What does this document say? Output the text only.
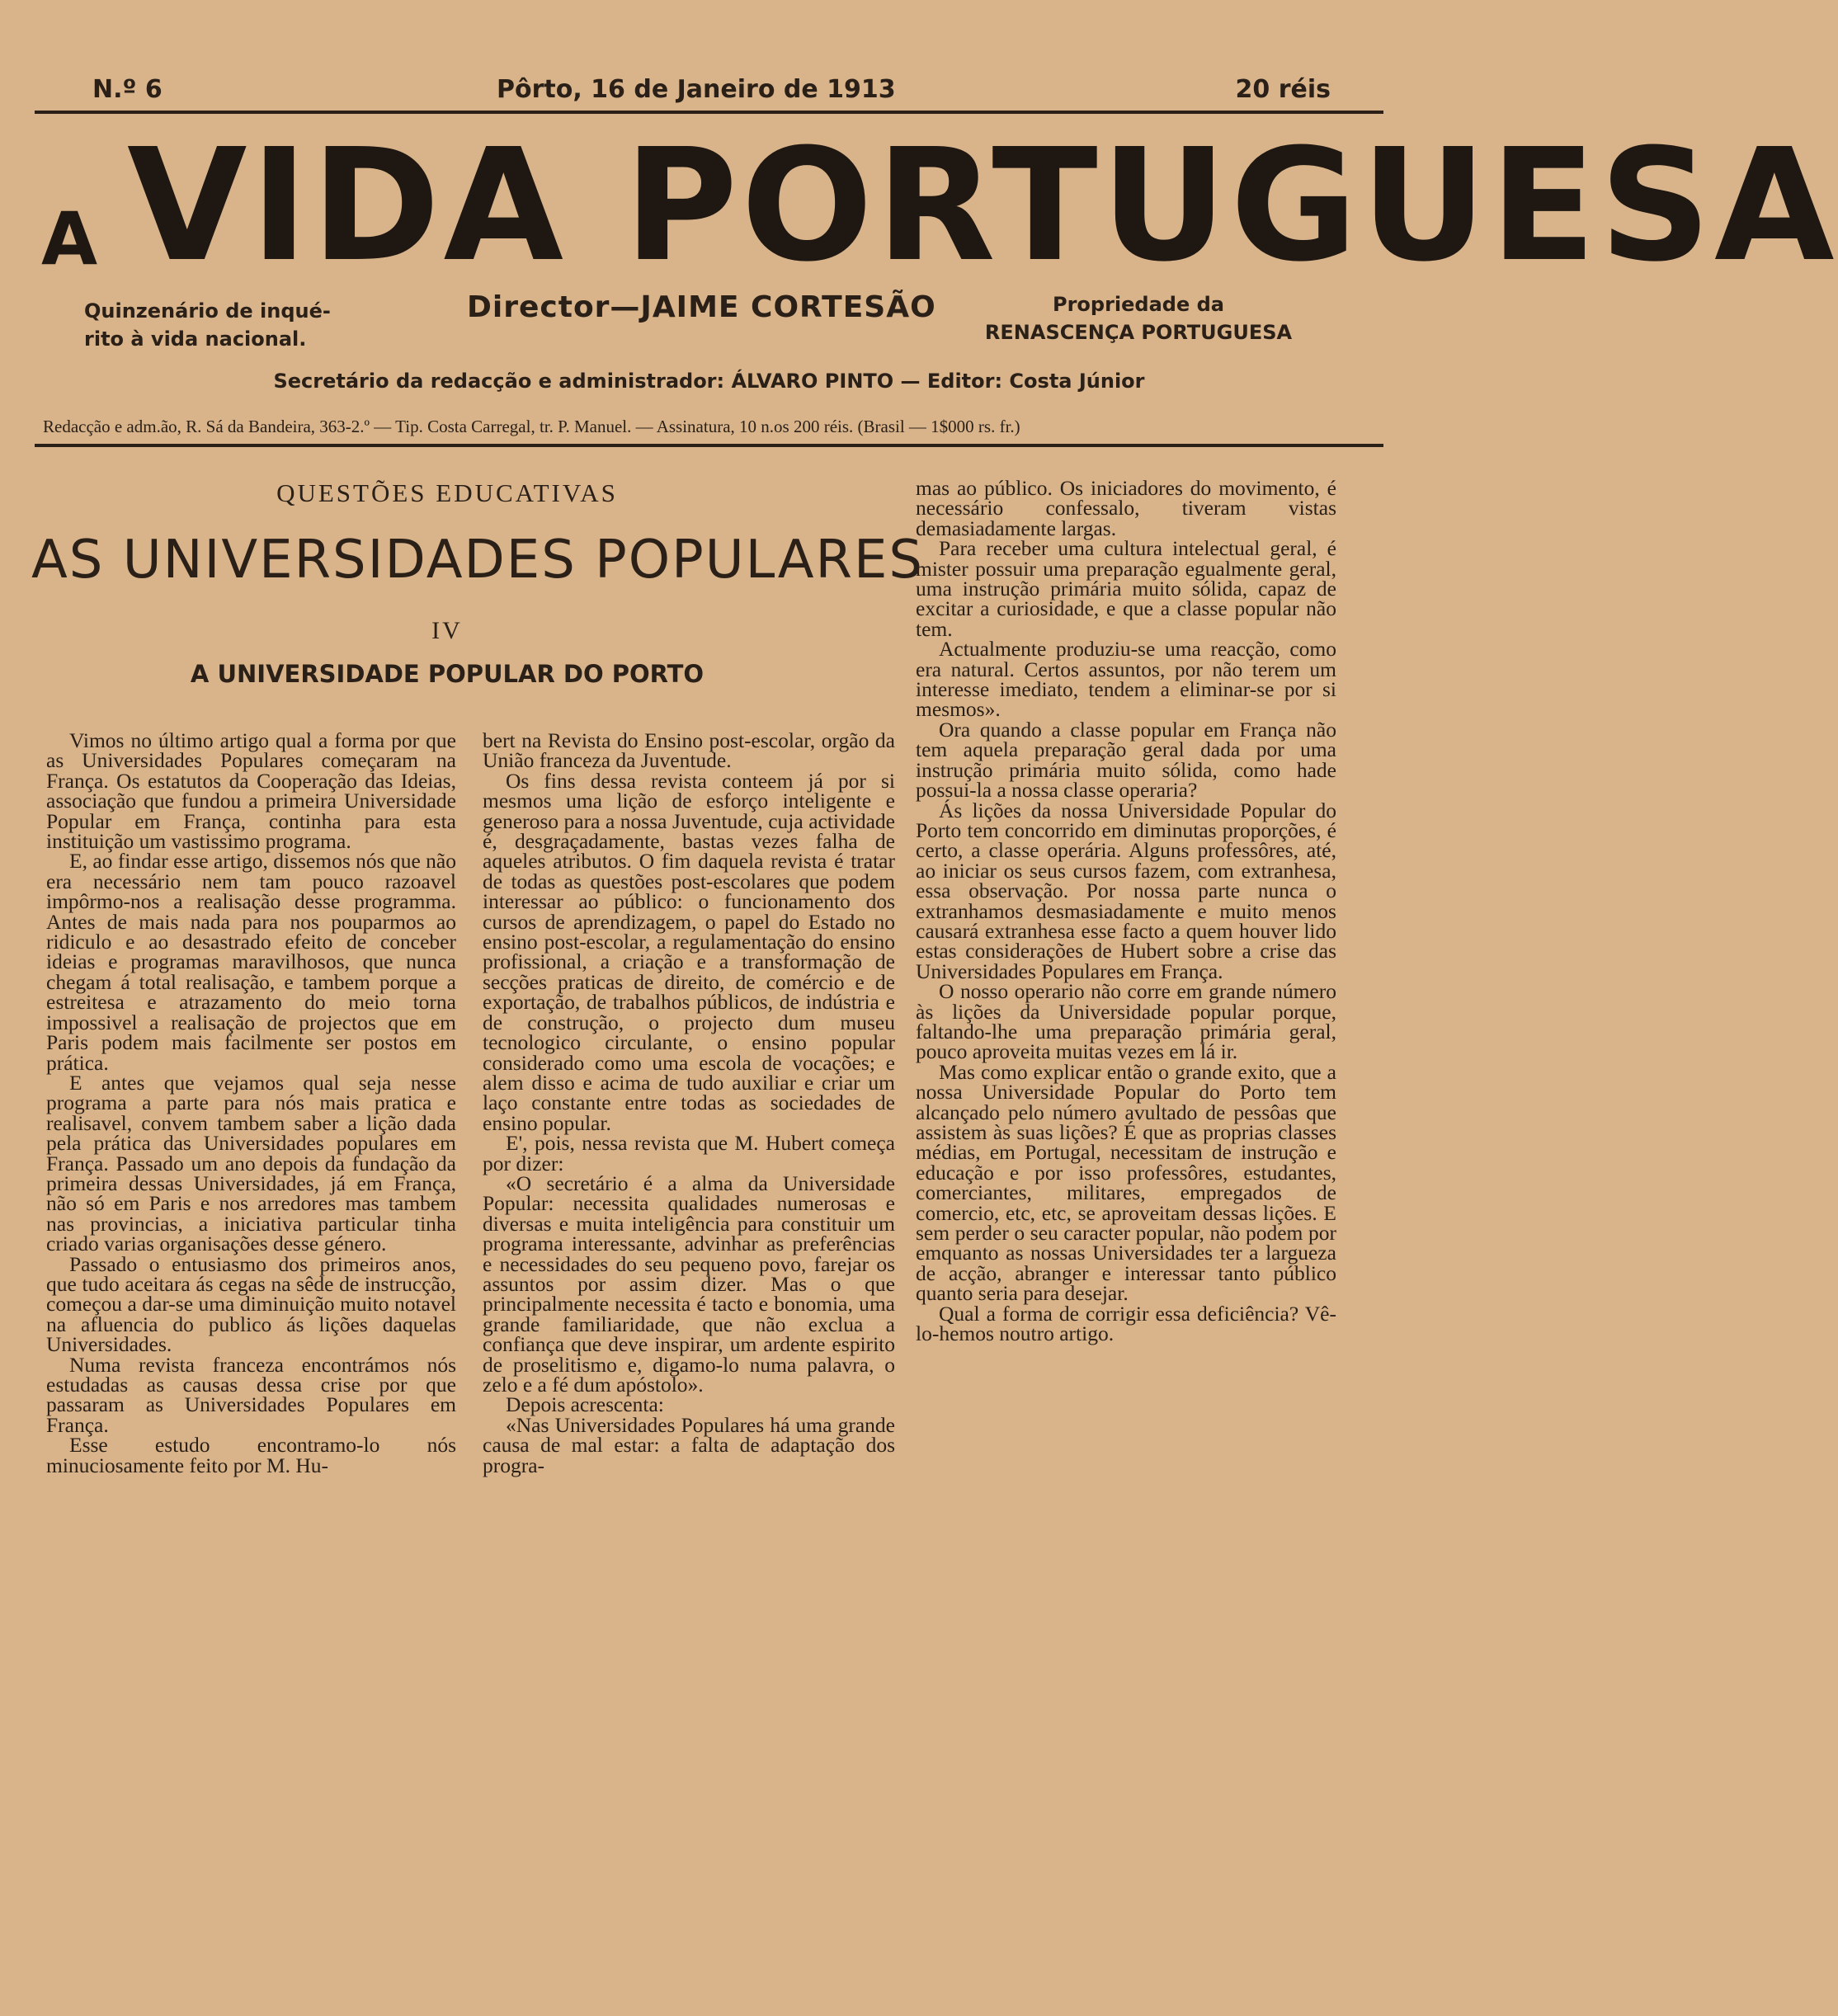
N.º 6	Pôrto, 16 de Janeiro de 1913	20 réis
A VIDA PORTUGUESA
Quinzenário de inqué-
rito à vida nacional.
Director—JAIME CORTESÃO	Propriedade da
RENASCENÇA PORTUGUESA
Secretário da redacção e administrador: ÁLVARO PINTO — Editor: Costa Júnior
Redacção e adm.ão, R. Sá da Bandeira, 363-2.º — Tip. Costa Carregal, tr. P. Manuel. — Assinatura, 10 n.os 200 réis. (Brasil — 1$000 rs. fr.)
QUESTÕES EDUCATIVAS
AS UNIVERSIDADES POPULARES
IV
A UNIVERSIDADE POPULAR DO PORTO

Vimos no último artigo qual a forma por que as Universidades Populares começaram na França. Os estatutos da Cooperação das Ideias, associação que fundou a primeira Universidade Popular em França, continha para esta instituição um vastissimo programa.

E, ao findar esse artigo, dissemos nós que não era necessário nem tam pouco razoavel impôrmo-nos a realisação desse programma. Antes de mais nada para nos pouparmos ao ridiculo e ao desastrado efeito de conceber ideias e programas maravilhosos, que nunca chegam á total realisação, e tambem porque a estreitesa e atrazamento do meio torna impossivel a realisação de projectos que em Paris podem mais facilmente ser postos em prática.

E antes que vejamos qual seja nesse programa a parte para nós mais pratica e realisavel, convem tambem saber a lição dada pela prática das Universidades populares em França. Passado um ano depois da fundação da primeira dessas Universidades, já em França, não só em Paris e nos arredores mas tambem nas provincias, a iniciativa particular tinha criado varias organisações desse género.

Passado o entusiasmo dos primeiros anos, que tudo aceitara ás cegas na sêde de instrucção, começou a dar-se uma diminuição muito notavel na afluencia do publico ás lições daquelas Universidades.

Numa revista franceza encontrámos nós estudadas as causas dessa crise por que passaram as Universidades Populares em França.

Esse estudo encontramo-lo nós minuciosamente feito por M. Hu-

bert na Revista do Ensino post-escolar, orgão da União franceza da Juventude.

Os fins dessa revista conteem já por si mesmos uma lição de esforço inteligente e generoso para a nossa Juventude, cuja actividade é, desgraçadamente, bastas vezes falha de aqueles atributos. O fim daquela revista é tratar de todas as questões post-escolares que podem interessar ao público: o funcionamento dos cursos de aprendizagem, o papel do Estado no ensino post-escolar, a regulamentação do ensino profissional, a criação e a transformação de secções praticas de direito, de comércio e de exportação, de trabalhos públicos, de indústria e de construção, o projecto dum museu tecnologico circulante, o ensino popular considerado como uma escola de vocações; e alem disso e acima de tudo auxiliar e criar um laço constante entre todas as sociedades de ensino popular.

E', pois, nessa revista que M. Hubert começa por dizer:

«O secretário é a alma da Universidade Popular: necessita qualidades numerosas e diversas e muita inteligência para constituir um programa interessante, advinhar as preferências e necessidades do seu pequeno povo, farejar os assuntos por assim dizer. Mas o que principalmente necessita é tacto e bonomia, uma grande familiaridade, que não exclua a confiança que deve inspirar, um ardente espirito de proselitismo e, digamo-lo numa palavra, o zelo e a fé dum apóstolo».

Depois acrescenta:

«Nas Universidades Populares há uma grande causa de mal estar: a falta de adaptação dos progra-

mas ao público. Os iniciadores do movimento, é necessário confessalo, tiveram vistas demasiadamente largas.

Para receber uma cultura intelectual geral, é mister possuir uma preparação egualmente geral, uma instrução primária muito sólida, capaz de excitar a curiosidade, e que a classe popular não tem.

Actualmente produziu-se uma reacção, como era natural. Certos assuntos, por não terem um interesse imediato, tendem a eliminar-se por si mesmos».

Ora quando a classe popular em França não tem aquela preparação geral dada por uma instrução primária muito sólida, como hade possui-la a nossa classe operaria?

Ás lições da nossa Universidade Popular do Porto tem concorrido em diminutas proporções, é certo, a classe operária. Alguns professôres, até, ao iniciar os seus cursos fazem, com extranhesa, essa observação. Por nossa parte nunca o extranhamos desmasiadamente e muito menos causará extranhesa esse facto a quem houver lido estas considerações de Hubert sobre a crise das Universidades Populares em França.

O nosso operario não corre em grande número às lições da Universidade popular porque, faltando-lhe uma preparação primária geral, pouco aproveita muitas vezes em lá ir.

Mas como explicar então o grande exito, que a nossa Universidade Popular do Porto tem alcançado pelo número avultado de pessôas que assistem às suas lições? É que as proprias classes médias, em Portugal, necessitam de instrução e educação e por isso professôres, estudantes, comerciantes, militares, empregados de comercio, etc, etc, se aproveitam dessas lições. E sem perder o seu caracter popular, não podem por emquanto as nossas Universidades ter a largueza de acção, abranger e interessar tanto público quanto seria para desejar.

Qual a forma de corrigir essa deficiência? Vê-lo-hemos noutro artigo.
